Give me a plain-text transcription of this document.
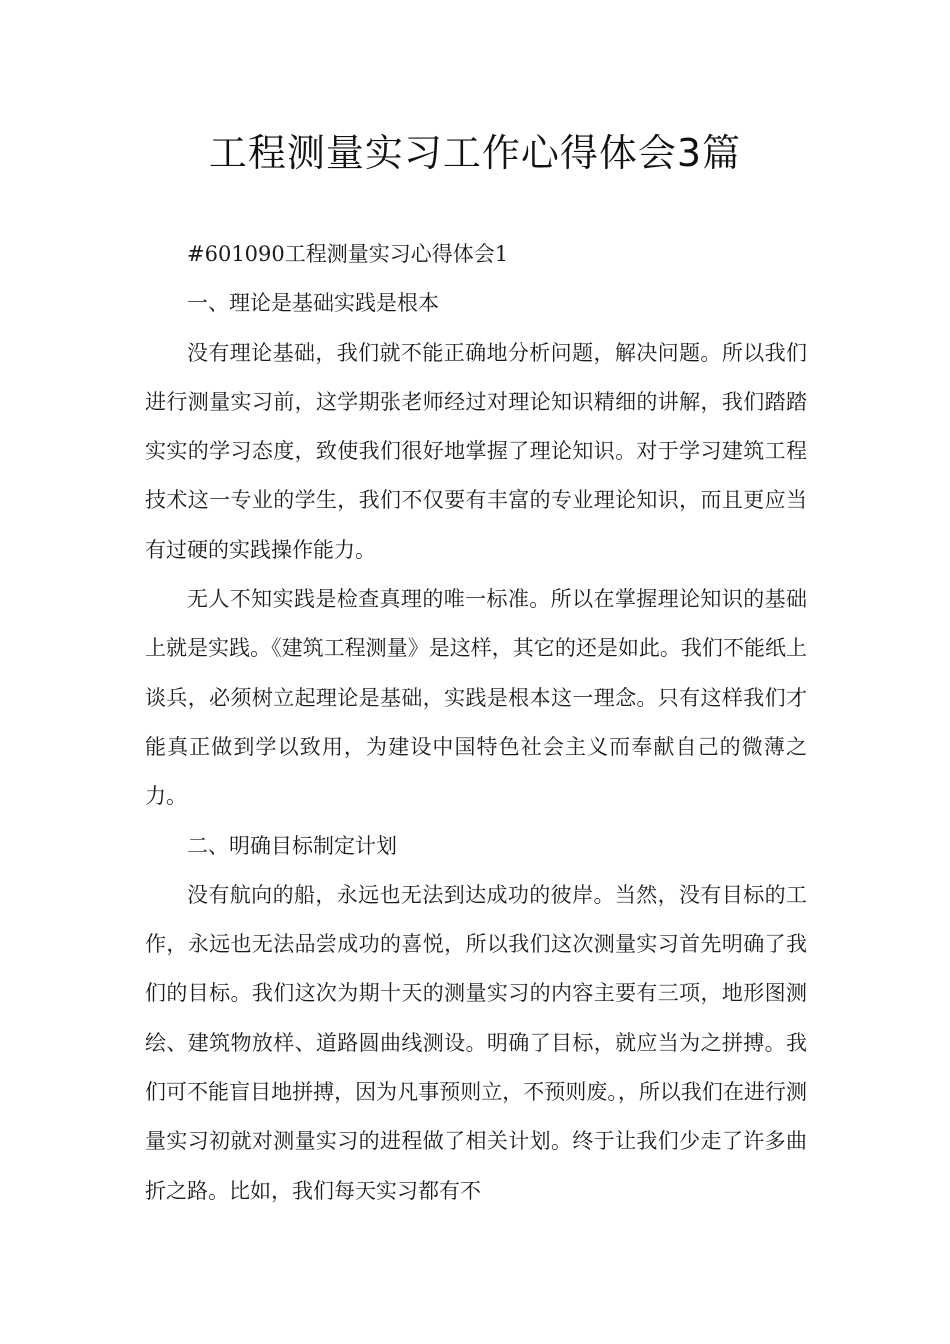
工程测量实习工作心得体会3篇

#601090工程测量实习心得体会1

一、理论是基础实践是根本

没有理论基础，我们就不能正确地分析问题，解决问题。所以我们进行测量实习前，这学期张老师经过对理论知识精细的讲解，我们踏踏实实的学习态度，致使我们很好地掌握了理论知识。对于学习建筑工程技术这一专业的学生，我们不仅要有丰富的专业理论知识，而且更应当有过硬的实践操作能力。

无人不知实践是检查真理的唯一标准。所以在掌握理论知识的基础上就是实践。《建筑工程测量》是这样，其它的还是如此。我们不能纸上谈兵，必须树立起理论是基础，实践是根本这一理念。只有这样我们才能真正做到学以致用，为建设中国特色社会主义而奉献自己的微薄之力。

二、明确目标制定计划

没有航向的船，永远也无法到达成功的彼岸。当然，没有目标的工作，永远也无法品尝成功的喜悦，所以我们这次测量实习首先明确了我们的目标。我们这次为期十天的测量实习的内容主要有三项，地形图测绘、建筑物放样、道路圆曲线测设。明确了目标，就应当为之拼搏。我们可不能盲目地拼搏，因为凡事预则立，不预则废。，所以我们在进行测量实习初就对测量实习的进程做了相关计划。终于让我们少走了许多曲折之路。比如，我们每天实习都有不
